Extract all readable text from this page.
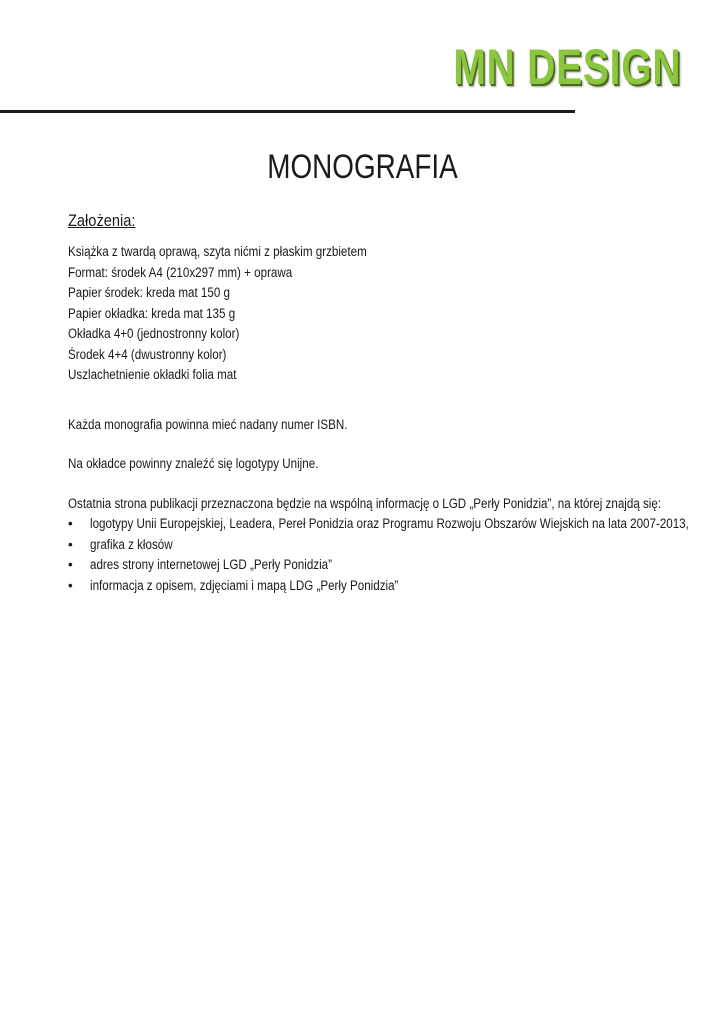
MN DESIGN
MONOGRAFIA
Założenia:
Książka z twardą oprawą, szyta nićmi z płaskim grzbietem
Format: środek A4 (210x297 mm) + oprawa
Papier środek: kreda mat 150 g
Papier okładka: kreda mat 135 g
Okładka 4+0 (jednostronny kolor)
Środek 4+4 (dwustronny kolor)
Uszlachetnienie okładki folia mat
Każda monografia powinna mieć nadany numer ISBN.
Na okładce powinny znaleźć się logotypy Unijne.
Ostatnia strona publikacji przeznaczona będzie na wspólną informację o LGD „Perły Ponidzia”, na której znajdą się:
• logotypy Unii Europejskiej, Leadera, Pereł Ponidzia oraz Programu Rozwoju Obszarów Wiejskich na lata 2007-2013,
• grafika z kłosów
• adres strony internetowej LGD „Perły Ponidzia”
• informacja z opisem, zdjęciami i mapą LDG „Perły Ponidzia”
